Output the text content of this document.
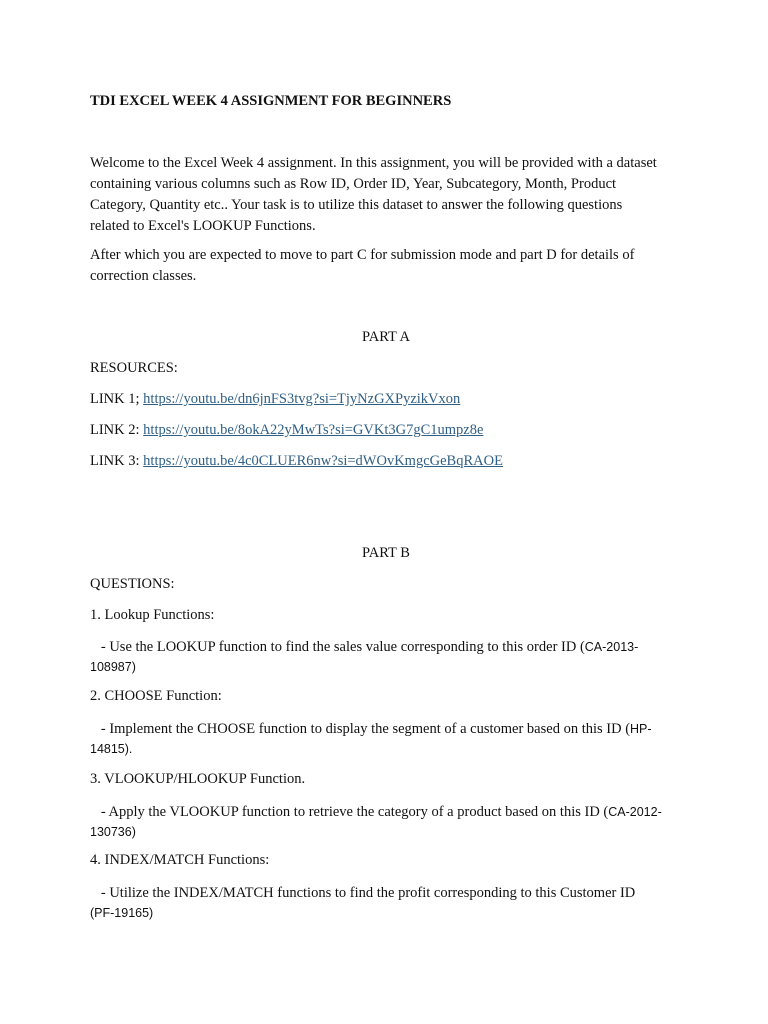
TDI EXCEL WEEK 4 ASSIGNMENT FOR BEGINNERS
Welcome to the Excel Week 4 assignment. In this assignment, you will be provided with a dataset containing various columns such as Row ID, Order ID, Year, Subcategory, Month, Product Category, Quantity etc.. Your task is to utilize this dataset to answer the following questions related to Excel's LOOKUP Functions.
After which you are expected to move to part C for submission mode and part D for details of correction classes.
PART A
RESOURCES:
LINK 1; https://youtu.be/dn6jnFS3tvg?si=TjyNzGXPyzikVxon
LINK 2: https://youtu.be/8okA22yMwTs?si=GVKt3G7gC1umpz8e
LINK 3: https://youtu.be/4c0CLUER6nw?si=dWOvKmgcGeBqRAOE
PART B
QUESTIONS:
1. Lookup Functions:
- Use the LOOKUP function to find the sales value corresponding to this order ID (CA-2013-108987)
2. CHOOSE Function:
- Implement the CHOOSE function to display the segment of a customer based on this ID (HP-14815).
3. VLOOKUP/HLOOKUP Function.
- Apply the VLOOKUP function to retrieve the category of a product based on this ID (CA-2012-130736)
4. INDEX/MATCH Functions:
- Utilize the INDEX/MATCH functions to find the profit corresponding to this Customer ID
(PF-19165)
